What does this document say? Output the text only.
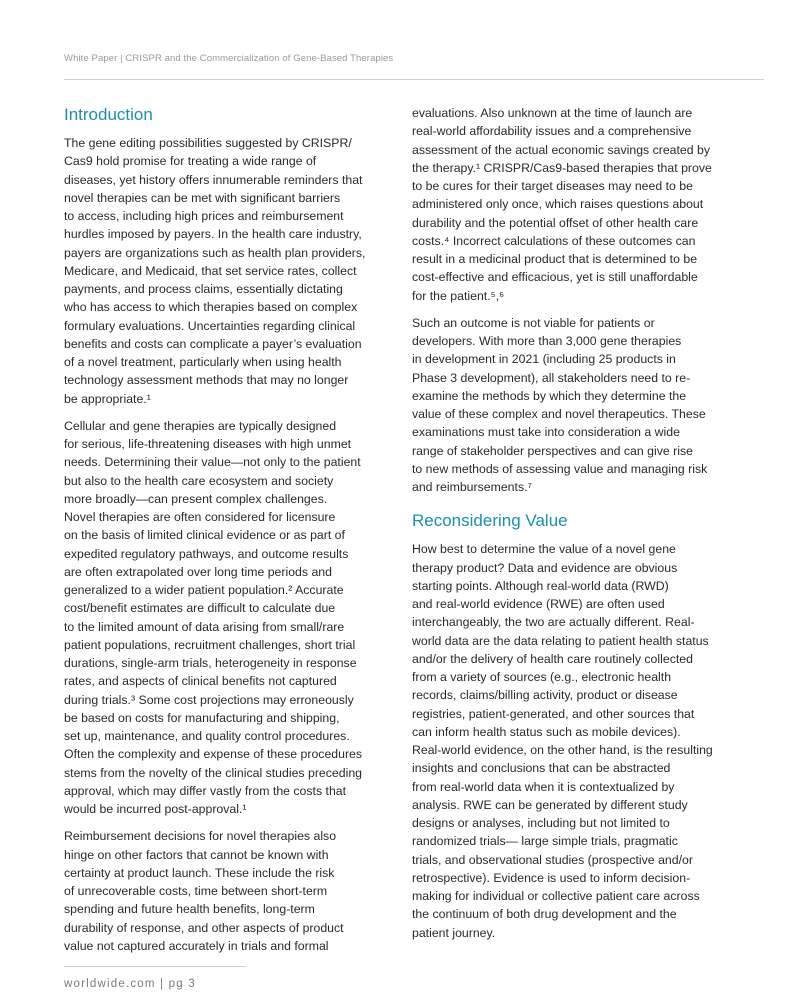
White Paper | CRISPR and the Commercialization of Gene-Based Therapies
Introduction

The gene editing possibilities suggested by CRISPR/
Cas9 hold promise for treating a wide range of
diseases, yet history offers innumerable reminders that
novel therapies can be met with significant barriers
to access, including high prices and reimbursement
hurdles imposed by payers. In the health care industry,
payers are organizations such as health plan providers,
Medicare, and Medicaid, that set service rates, collect
payments, and process claims, essentially dictating
who has access to which therapies based on complex
formulary evaluations. Uncertainties regarding clinical
benefits and costs can complicate a payer’s evaluation
of a novel treatment, particularly when using health
technology assessment methods that may no longer
be appropriate.¹

Cellular and gene therapies are typically designed
for serious, life-threatening diseases with high unmet
needs. Determining their value—not only to the patient
but also to the health care ecosystem and society
more broadly—can present complex challenges.
Novel therapies are often considered for licensure
on the basis of limited clinical evidence or as part of
expedited regulatory pathways, and outcome results
are often extrapolated over long time periods and
generalized to a wider patient population.² Accurate
cost/benefit estimates are difficult to calculate due
to the limited amount of data arising from small/rare
patient populations, recruitment challenges, short trial
durations, single-arm trials, heterogeneity in response
rates, and aspects of clinical benefits not captured
during trials.³ Some cost projections may erroneously
be based on costs for manufacturing and shipping,
set up, maintenance, and quality control procedures.
Often the complexity and expense of these procedures
stems from the novelty of the clinical studies preceding
approval, which may differ vastly from the costs that
would be incurred post-approval.¹

Reimbursement decisions for novel therapies also
hinge on other factors that cannot be known with
certainty at product launch. These include the risk
of unrecoverable costs, time between short-term
spending and future health benefits, long-term
durability of response, and other aspects of product
value not captured accurately in trials and formal

evaluations. Also unknown at the time of launch are
real-world affordability issues and a comprehensive
assessment of the actual economic savings created by
the therapy.¹ CRISPR/Cas9-based therapies that prove
to be cures for their target diseases may need to be
administered only once, which raises questions about
durability and the potential offset of other health care
costs.⁴ Incorrect calculations of these outcomes can
result in a medicinal product that is determined to be
cost-effective and efficacious, yet is still unaffordable
for the patient.⁵,⁶

Such an outcome is not viable for patients or
developers. With more than 3,000 gene therapies
in development in 2021 (including 25 products in
Phase 3 development), all stakeholders need to re-
examine the methods by which they determine the
value of these complex and novel therapeutics. These
examinations must take into consideration a wide
range of stakeholder perspectives and can give rise
to new methods of assessing value and managing risk
and reimbursements.⁷

Reconsidering Value

How best to determine the value of a novel gene
therapy product? Data and evidence are obvious
starting points. Although real-world data (RWD)
and real-world evidence (RWE) are often used
interchangeably, the two are actually different. Real-
world data are the data relating to patient health status
and/or the delivery of health care routinely collected
from a variety of sources (e.g., electronic health
records, claims/billing activity, product or disease
registries, patient-generated, and other sources that
can inform health status such as mobile devices).
Real-world evidence, on the other hand, is the resulting
insights and conclusions that can be abstracted
from real-world data when it is contextualized by
analysis. RWE can be generated by different study
designs or analyses, including but not limited to
randomized trials— large simple trials, pragmatic
trials, and observational studies (prospective and/or
retrospective). Evidence is used to inform decision-
making for individual or collective patient care across
the continuum of both drug development and the
patient journey.

worldwide.com | pg 3
